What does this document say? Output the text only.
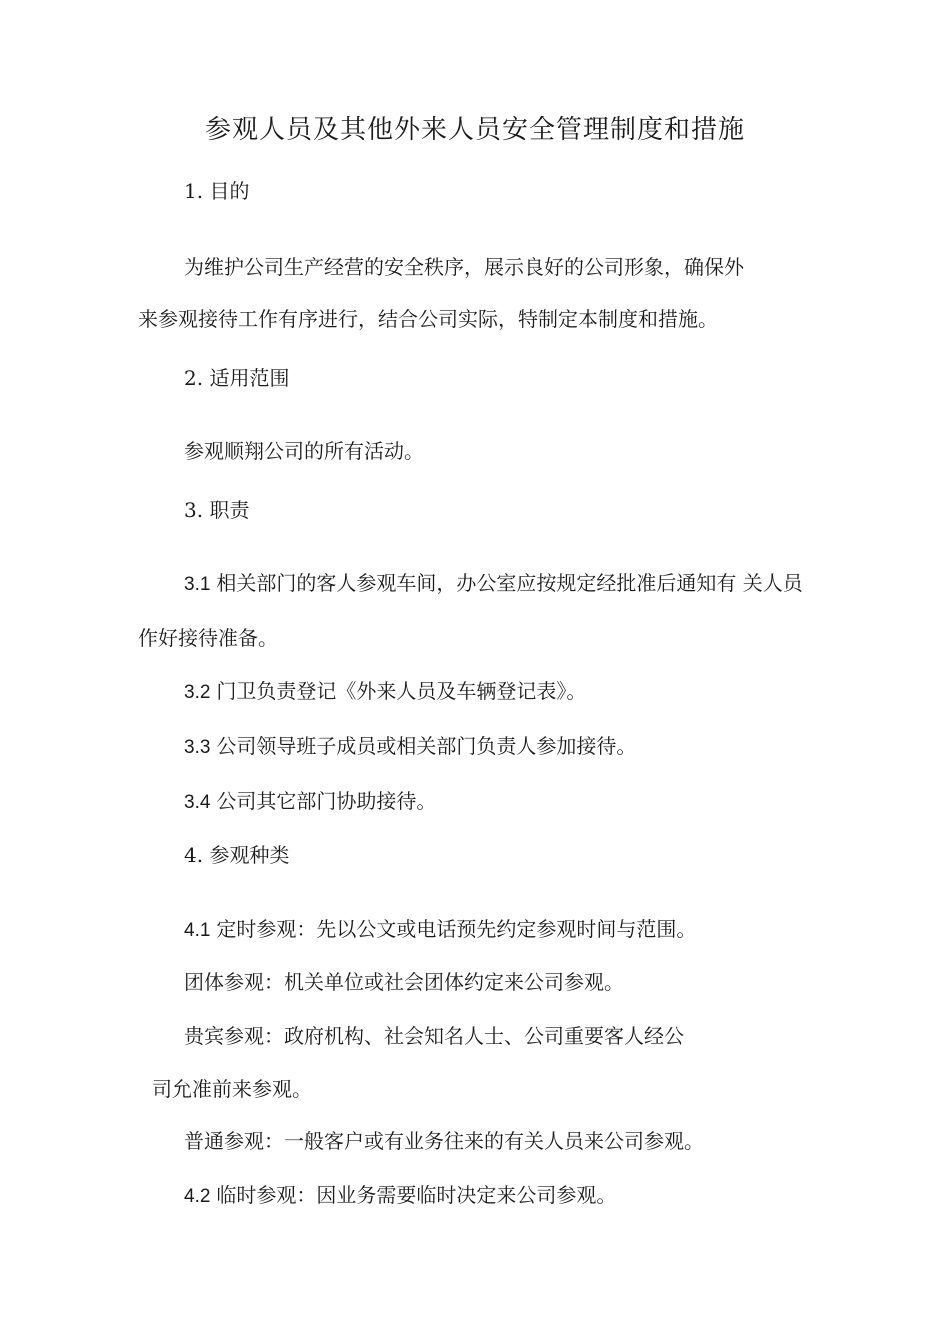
参观人员及其他外来人员安全管理制度和措施
1. 目的
为维护公司生产经营的安全秩序，展示良好的公司形象，确保外
来参观接待工作有序进行，结合公司实际，特制定本制度和措施。
2. 适用范围
参观顺翔公司的所有活动。
3. 职责
3.1 相关部门的客人参观车间，办公室应按规定经批准后通知有 关人员
作好接待准备。
3.2 门卫负责登记《外来人员及车辆登记表》。
3.3 公司领导班子成员或相关部门负责人参加接待。
3.4 公司其它部门协助接待。
4. 参观种类
4.1 定时参观：先以公文或电话预先约定参观时间与范围。
团体参观：机关单位或社会团体约定来公司参观。
贵宾参观：政府机构、社会知名人士、公司重要客人经公
司允准前来参观。
普通参观：一般客户或有业务往来的有关人员来公司参观。
4.2 临时参观：因业务需要临时决定来公司参观。
